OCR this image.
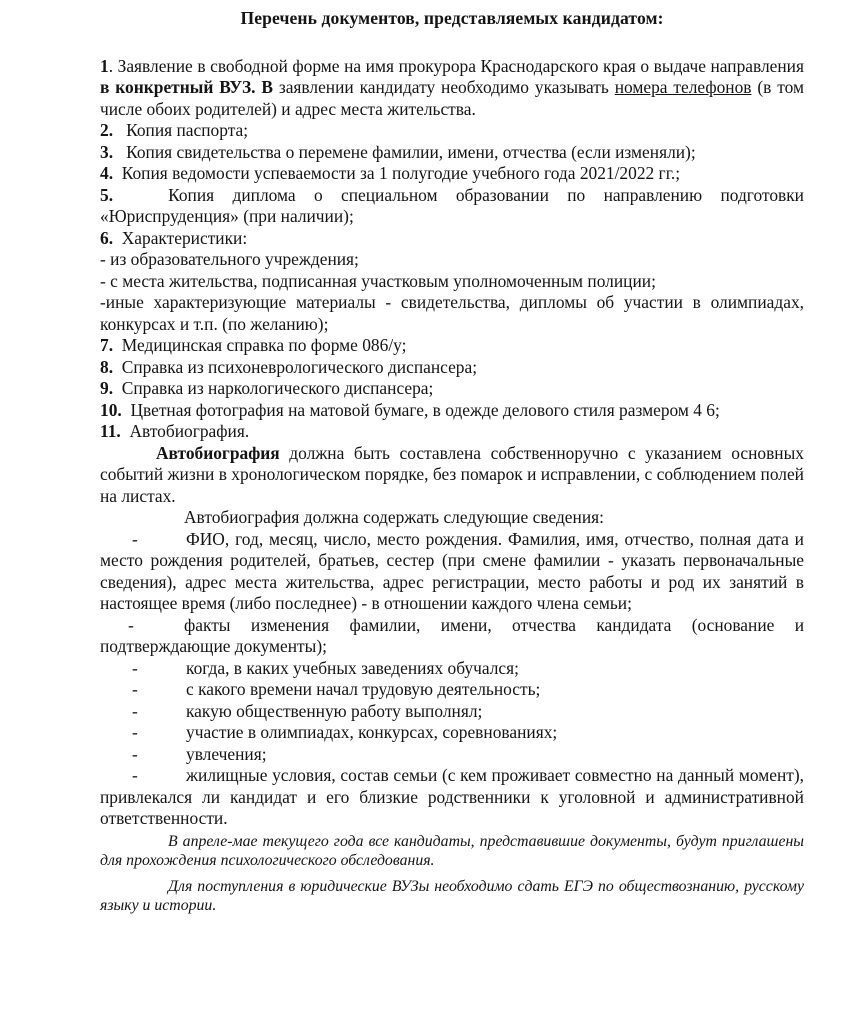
Перечень документов, представляемых кандидатом:

1. Заявление в свободной форме на имя прокурора Краснодарского края о выдаче направления в конкретный ВУЗ. В заявлении кандидату необходимо указывать номера телефонов (в том числе обоих родителей) и адрес места жительства.

2.   Копия паспорта;

3.   Копия свидетельства о перемене фамилии, имени, отчества (если изменяли);

4.  Копия ведомости успеваемости за 1 полугодие учебного года 2021/2022 гг.;

5.   Копия диплома о специальном образовании по направлению подготовки «Юриспруденция» (при наличии);

6.  Характеристики:

- из образовательного учреждения;

- с места жительства, подписанная участковым уполномоченным полиции;

-иные характеризующие материалы - свидетельства, дипломы об участии в олимпиадах, конкурсах и т.п. (по желанию);

7.  Медицинская справка по форме 086/у;

8.  Справка из психоневрологического диспансера;

9.  Справка из наркологического диспансера;

10.  Цветная фотография на матовой бумаге, в одежде делового стиля размером 4 6;

11.  Автобиография.

Автобиография должна быть составлена собственноручно с указанием основных событий жизни в хронологическом порядке, без помарок и исправлении, с соблюдением полей на листах.

Автобиография должна содержать следующие сведения:

-	ФИО, год, месяц, число, место рождения. Фамилия, имя, отчество, полная дата и место рождения родителей, братьев, сестер (при смене фамилии - указать первоначальные сведения), адрес места жительства, адрес регистрации, место работы и род их занятий в настоящее время (либо последнее) - в отношении каждого члена семьи;

-	факты изменения фамилии, имени, отчества кандидата (основание и подтверждающие документы);

-	когда, в каких учебных заведениях обучался;
-	с какого времени начал трудовую деятельность;
-	какую общественную работу выполнял;
-	участие в олимпиадах, конкурсах, соревнованиях;
-	увлечения;

-	жилищные условия, состав семьи (с кем проживает совместно на данный момент), привлекался ли кандидат и его близкие родственники к уголовной и административной ответственности.

В апреле-мае текущего года все кандидаты, представившие документы, будут приглашены для прохождения психологического обследования.

Для поступления в юридические ВУЗы необходимо сдать ЕГЭ по обществознанию, русскому языку и истории.
